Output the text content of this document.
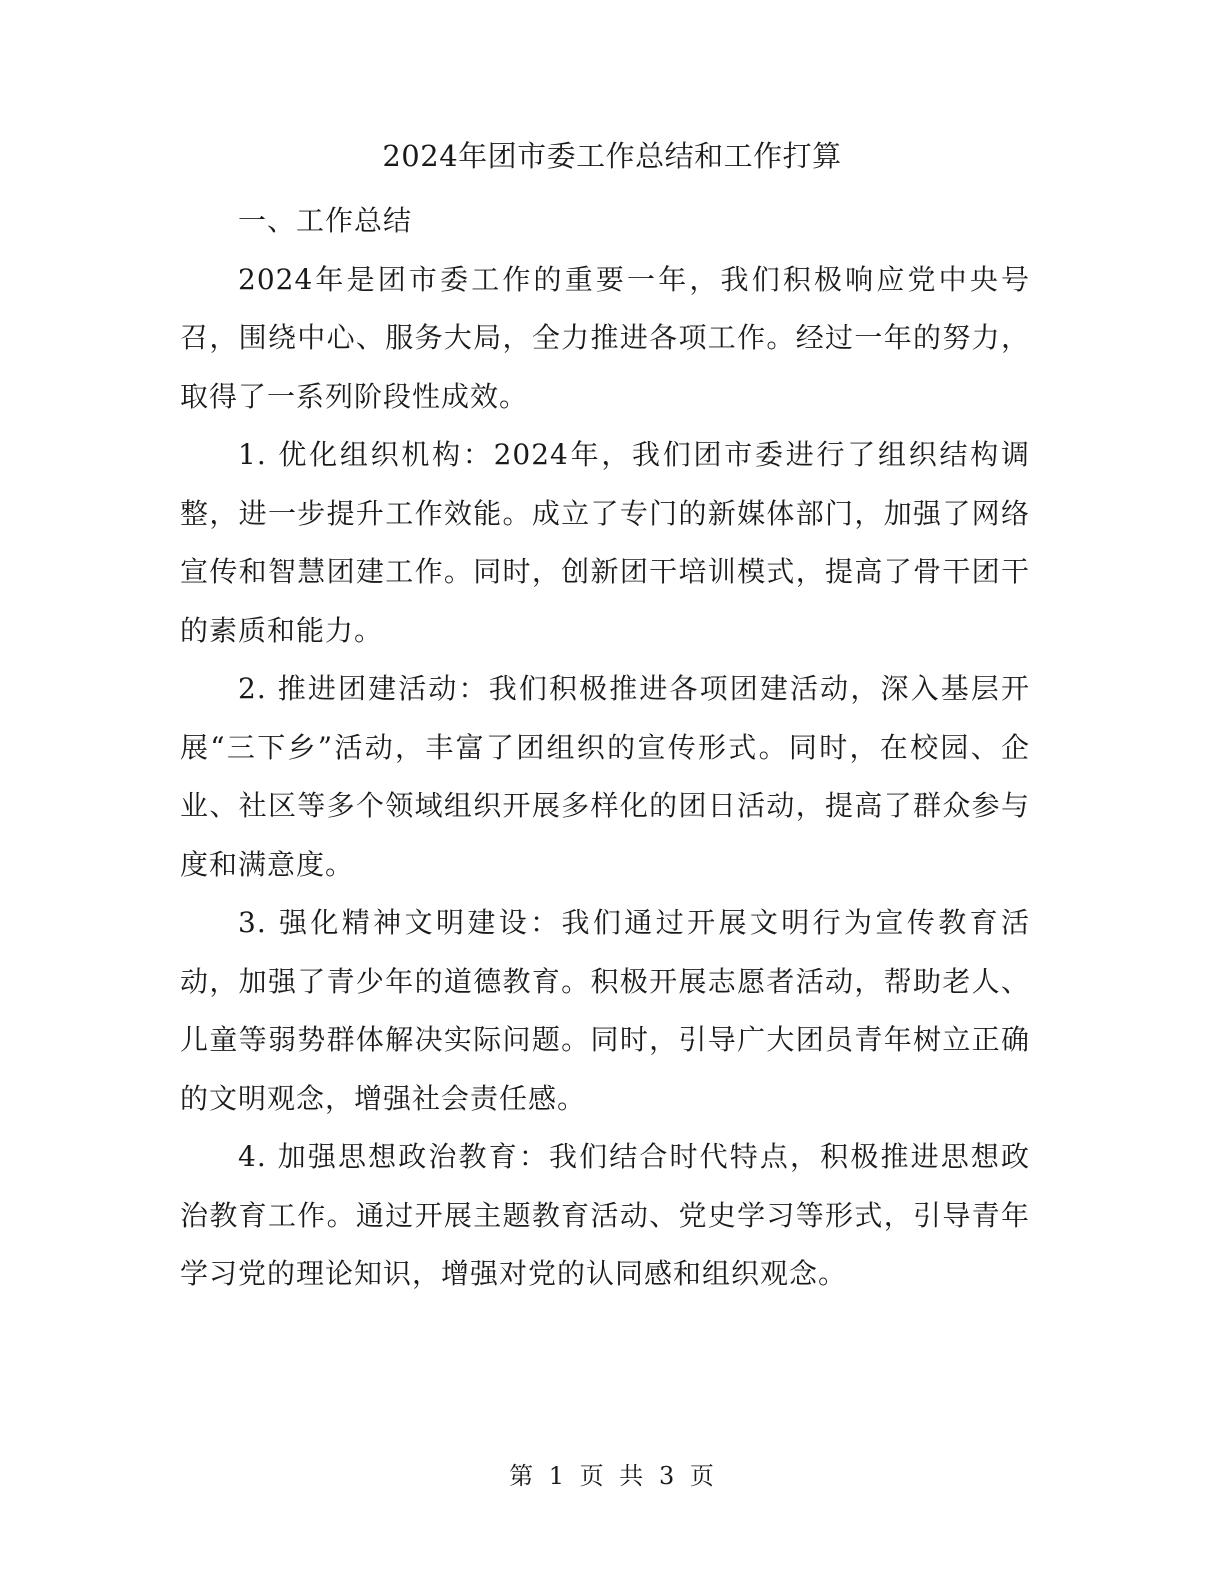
2024年团市委工作总结和工作打算

一、工作总结

2024年是团市委工作的重要一年，我们积极响应党中央号召，围绕中心、服务大局，全力推进各项工作。经过一年的努力，取得了一系列阶段性成效。

1. 优化组织机构：2024年，我们团市委进行了组织结构调整，进一步提升工作效能。成立了专门的新媒体部门，加强了网络宣传和智慧团建工作。同时，创新团干培训模式，提高了骨干团干的素质和能力。

2. 推进团建活动：我们积极推进各项团建活动，深入基层开展“三下乡”活动，丰富了团组织的宣传形式。同时，在校园、企业、社区等多个领域组织开展多样化的团日活动，提高了群众参与度和满意度。

3. 强化精神文明建设：我们通过开展文明行为宣传教育活动，加强了青少年的道德教育。积极开展志愿者活动，帮助老人、儿童等弱势群体解决实际问题。同时，引导广大团员青年树立正确的文明观念，增强社会责任感。

4. 加强思想政治教育：我们结合时代特点，积极推进思想政治教育工作。通过开展主题教育活动、党史学习等形式，引导青年学习党的理论知识，增强对党的认同感和组织观念。

第 1 页 共 3 页
